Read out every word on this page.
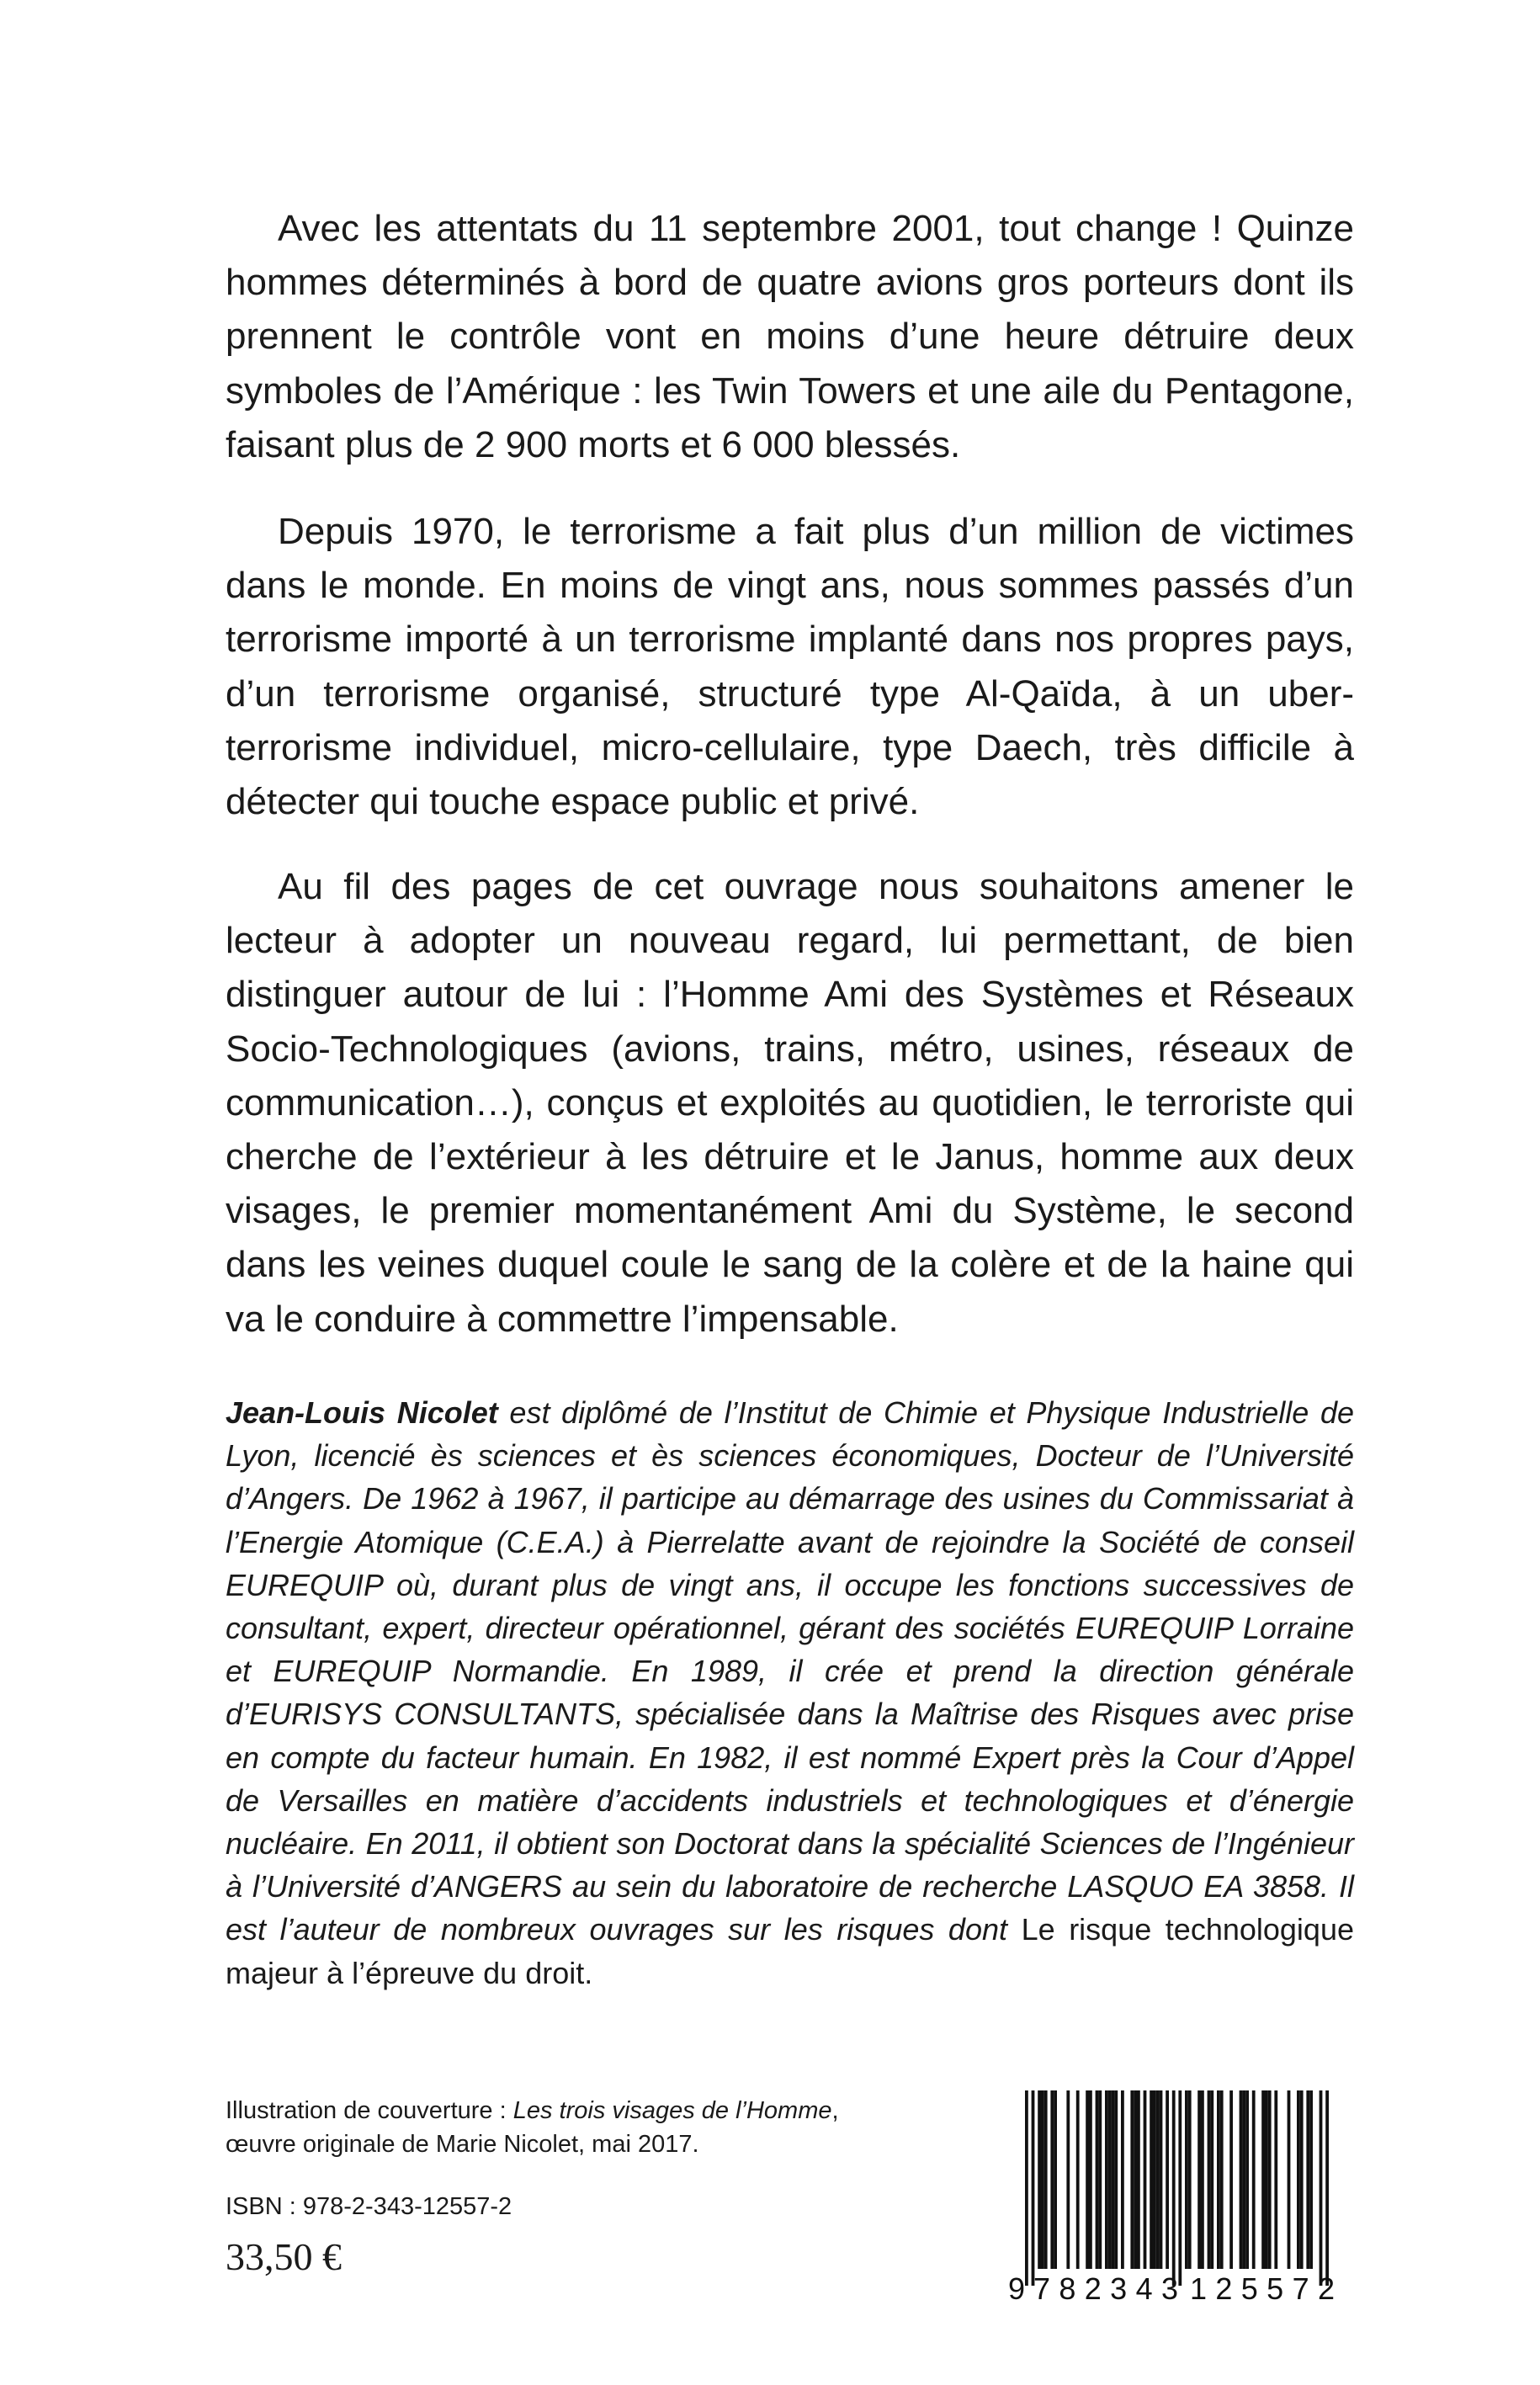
Avec les attentats du 11 septembre 2001, tout change ! Quinze hommes déterminés à bord de quatre avions gros porteurs dont ils prennent le contrôle vont en moins d’une heure détruire deux symboles de l’Amérique : les Twin Towers et une aile du Pentagone, faisant plus de 2 900 morts et 6 000 blessés.

Depuis 1970, le terrorisme a fait plus d’un million de victimes dans le monde. En moins de vingt ans, nous sommes passés d’un terrorisme importé à un terrorisme implanté dans nos propres pays, d’un terrorisme organisé, structuré type Al-Qaïda, à un uber-terrorisme individuel, micro-cellulaire, type Daech, très difficile à détecter qui touche espace public et privé.

Au fil des pages de cet ouvrage nous souhaitons amener le lecteur à adopter un nouveau regard, lui permettant, de bien distinguer autour de lui : l’Homme Ami des Systèmes et Réseaux Socio-Technologiques (avions, trains, métro, usines, réseaux de communication…), conçus et exploités au quotidien, le terroriste qui cherche de l’extérieur à les détruire et le Janus, homme aux deux visages, le premier momentanément Ami du Système, le second dans les veines duquel coule le sang de la colère et de la haine qui va le conduire à commettre l’impensable.

Jean-Louis Nicolet est diplômé de l’Institut de Chimie et Physique Industrielle de Lyon, licencié ès sciences et ès sciences économiques, Docteur de l’Université d’Angers. De 1962 à 1967, il participe au démarrage des usines du Commissariat à l’Energie Atomique (C.E.A.) à Pierrelatte avant de rejoindre la Société de conseil EUREQUIP où, durant plus de vingt ans, il occupe les fonctions successives de consultant, expert, directeur opérationnel, gérant des sociétés EUREQUIP Lorraine et EUREQUIP Normandie. En 1989, il crée et prend la direction générale d’EURISYS CONSULTANTS, spécialisée dans la Maîtrise des Risques avec prise en compte du facteur humain. En 1982, il est nommé Expert près la Cour d’Appel de Versailles en matière d’accidents industriels et technologiques et d’énergie nucléaire. En 2011, il obtient son Doctorat dans la spécialité Sciences de l’Ingénieur à l’Université d’ANGERS au sein du laboratoire de recherche LASQUO EA 3858. Il est l’auteur de nombreux ouvrages sur les risques dont Le risque technologique majeur à l’épreuve du droit.

Illustration de couverture : Les trois visages de l’Homme,
œuvre originale de Marie Nicolet, mai 2017.

ISBN : 978-2-343-12557-2

33,50 €

9 782343 125572
